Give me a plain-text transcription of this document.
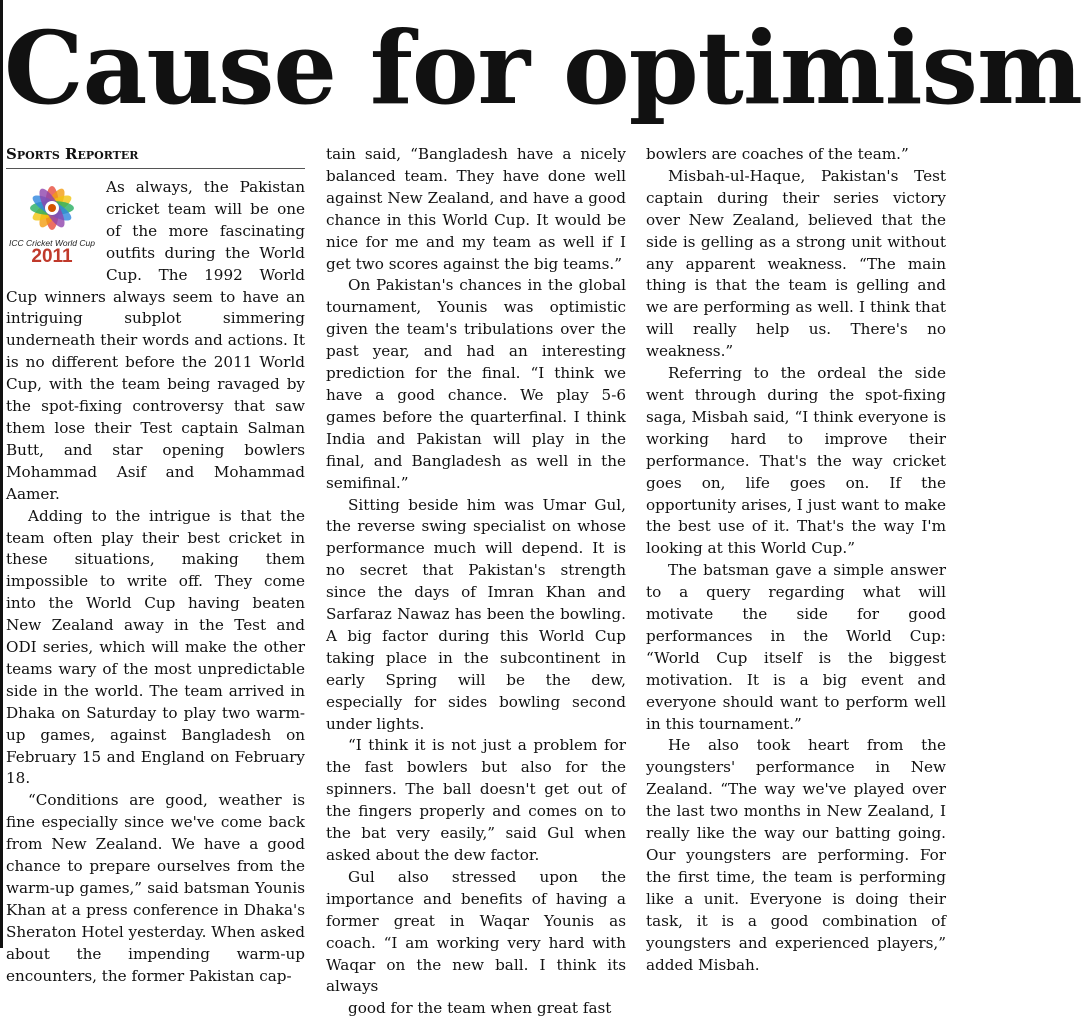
Cause for optimism
Sports Reporter
ICC Cricket World Cup
2011

As always, the Pakistan cricket team will be one of the more fascinating outfits during the World Cup. The 1992 World Cup winners always seem to have an intriguing subplot simmering underneath their words and actions. It is no different before the 2011 World Cup, with the team being ravaged by the spot-fixing controversy that saw them lose their Test captain Salman Butt, and star opening bowlers Mohammad Asif and Mohammad Aamer.

Adding to the intrigue is that the team often play their best cricket in these situations, making them impossible to write off. They come into the World Cup having beaten New Zealand away in the Test and ODI series, which will make the other teams wary of the most unpredictable side in the world. The team arrived in Dhaka on Saturday to play two warm-up games, against Bangladesh on February 15 and England on February 18.

“Conditions are good, weather is fine especially since we've come back from New Zealand. We have a good chance to prepare ourselves from the warm-up games,” said batsman Younis Khan at a press conference in Dhaka's Sheraton Hotel yesterday. When asked about the impending warm-up encounters, the former Pakistan cap-

tain said, “Bangladesh have a nicely balanced team. They have done well against New Zealand, and have a good chance in this World Cup. It would be nice for me and my team as well if I get two scores against the big teams.”

On Pakistan's chances in the global tournament, Younis was optimistic given the team's tribulations over the past year, and had an interesting prediction for the final. “I think we have a good chance. We play 5-6 games before the quarterfinal. I think India and Pakistan will play in the final, and Bangladesh as well in the semifinal.”

Sitting beside him was Umar Gul, the reverse swing specialist on whose performance much will depend. It is no secret that Pakistan's strength since the days of Imran Khan and Sarfaraz Nawaz has been the bowling. A big factor during this World Cup taking place in the subcontinent in early Spring will be the dew, especially for sides bowling second under lights.

“I think it is not just a problem for the fast bowlers but also for the spinners. The ball doesn't get out of the fingers properly and comes on to the bat very easily,” said Gul when asked about the dew factor.

Gul also stressed upon the importance and benefits of having a former great in Waqar Younis as coach. “I am working very hard with Waqar on the new ball. I think its always

good for the team when great fast

bowlers are coaches of the team.”

Misbah-ul-Haque, Pakistan's Test captain during their series victory over New Zealand, believed that the side is gelling as a strong unit without any apparent weakness. “The main thing is that the team is gelling and we are performing as well. I think that will really help us. There's no weakness.”

Referring to the ordeal the side went through during the spot-fixing saga, Misbah said, “I think everyone is working hard to improve their performance. That's the way cricket goes on, life goes on. If the opportunity arises, I just want to make the best use of it. That's the way I'm looking at this World Cup.”

The batsman gave a simple answer to a query regarding what will motivate the side for good performances in the World Cup: “World Cup itself is the biggest motivation. It is a big event and everyone should want to perform well in this tournament.”

He also took heart from the youngsters' performance in New Zealand. “The way we've played over the last two months in New Zealand, I really like the way our batting going. Our youngsters are performing. For the first time, the team is performing like a unit. Everyone is doing their task, it is a good combination of youngsters and experienced players,” added Misbah.
